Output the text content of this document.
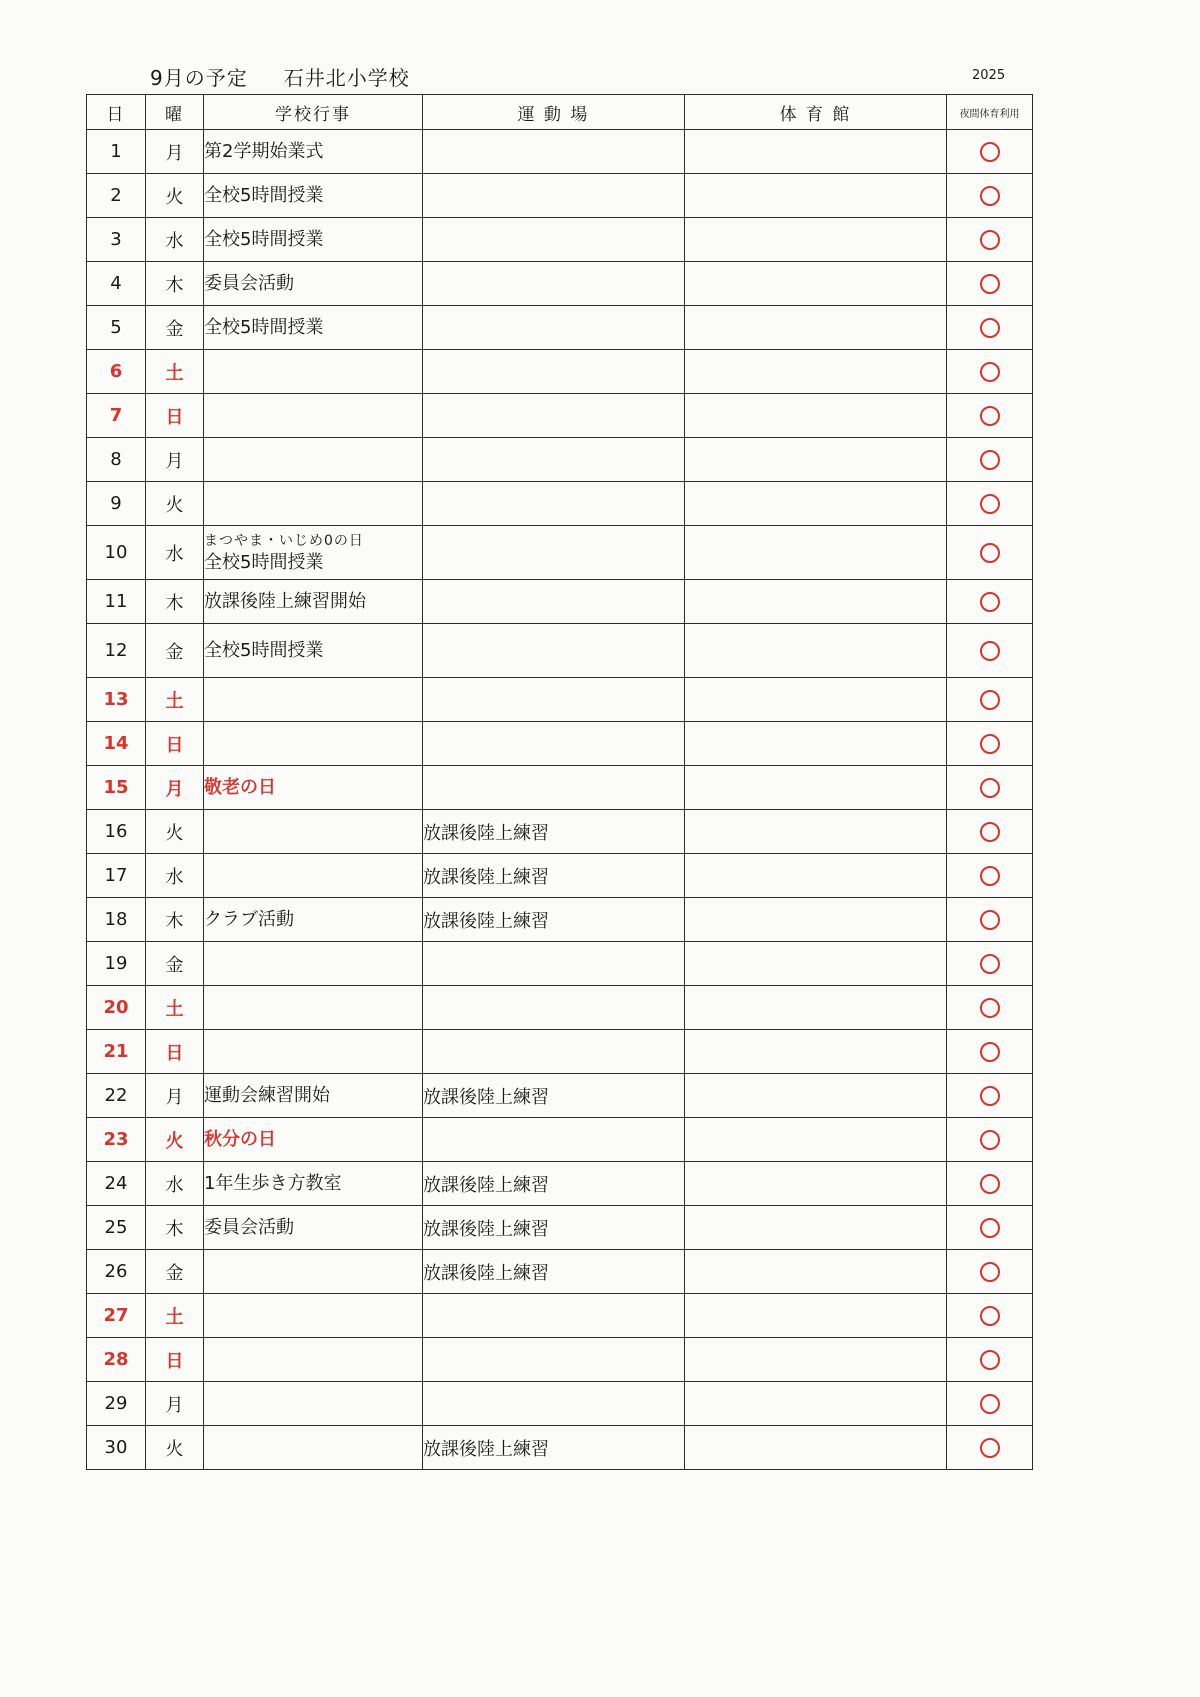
9月の予定 石井北小学校	2025
日	曜	学校行事	運 動 場	体 育 館	夜間体育利用
1	月	第2学期始業式			

2	火	全校5時間授業			

3	水	全校5時間授業			

4	木	委員会活動			

5	金	全校5時間授業			

6	土				
7	日				
8	月				
9	火				
10	水	まつやま・いじめ0の日
全校5時間授業			

11	木	放課後陸上練習開始			

12	金	全校5時間授業			

13	土				
14	日				
15	月	敬老の日			

16	火		放課後陸上練習		
17	水		放課後陸上練習		
18	木	クラブ活動	放課後陸上練習		
19	金				
20	土				
21	日				
22	月	運動会練習開始	放課後陸上練習		
23	火	秋分の日			

24	水	1年生歩き方教室	放課後陸上練習		
25	木	委員会活動	放課後陸上練習		
26	金		放課後陸上練習		
27	土				
28	日				
29	月				
30	火		放課後陸上練習		
